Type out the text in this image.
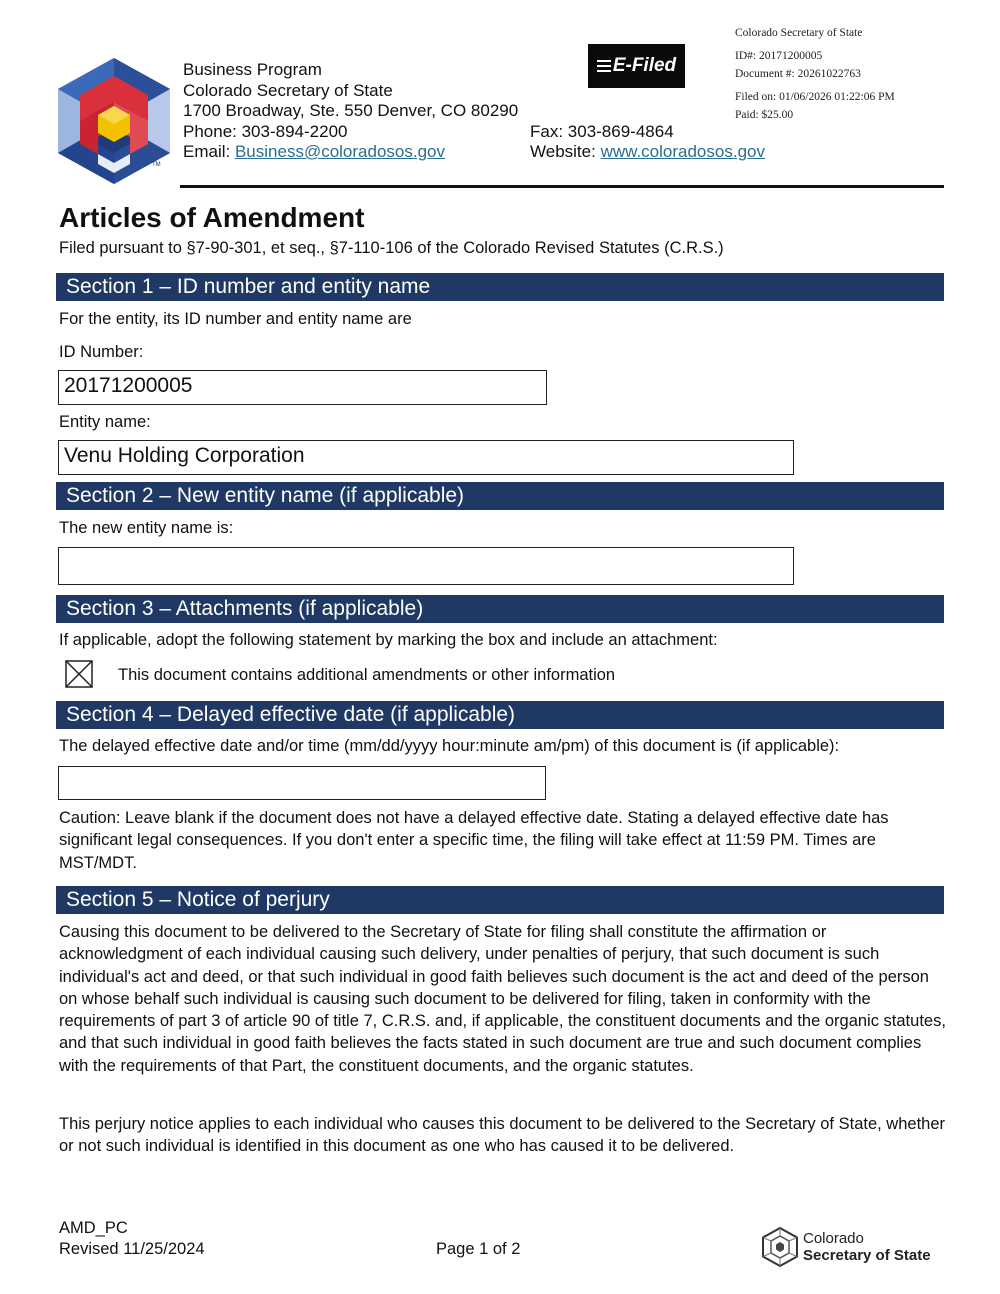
TM
Business Program
Colorado Secretary of State
1700 Broadway, Ste. 550 Denver, CO 80290
Phone: 303-894-2200
Email: Business@coloradosos.gov
Fax: 303-869-4864
Website: www.coloradosos.gov
E-Filed
Colorado Secretary of State
ID#: 20171200005
Document #: 20261022763
Filed on: 01/06/2026 01:22:06 PM
Paid: $25.00
Articles of Amendment
Filed pursuant to §7-90-301, et seq., §7-110-106 of the Colorado Revised Statutes (C.R.S.)
Section 1 – ID number and entity name
For the entity, its ID number and entity name are
ID Number:
20171200005
Entity name:
Venu Holding Corporation
Section 2 – New entity name (if applicable)
The new entity name is:
Section 3 – Attachments (if applicable)
If applicable, adopt the following statement by marking the box and include an attachment:
This document contains additional amendments or other information
Section 4 – Delayed effective date (if applicable)
The delayed effective date and/or time (mm/dd/yyyy hour:minute am/pm) of this document is (if applicable):
Caution: Leave blank if the document does not have a delayed effective date. Stating a delayed effective date has significant legal consequences. If you don't enter a specific time, the filing will take effect at 11:59 PM. Times are MST/MDT.
Section 5 – Notice of perjury
Causing this document to be delivered to the Secretary of State for filing shall constitute the affirmation or acknowledgment of each individual causing such delivery, under penalties of perjury, that such document is such individual's act and deed, or that such individual in good faith believes such document is the act and deed of the person on whose behalf such individual is causing such document to be delivered for filing, taken in conformity with the requirements of part 3 of article 90 of title 7, C.R.S. and, if applicable, the constituent documents and the organic statutes, and that such individual in good faith believes the facts stated in such document are true and such document complies with the requirements of that Part, the constituent documents, and the organic statutes.
This perjury notice applies to each individual who causes this document to be delivered to the Secretary of State, whether or not such individual is identified in this document as one who has caused it to be delivered.
AMD_PC
Revised 11/25/2024	Page 1 of 2
Colorado
Secretary of State
